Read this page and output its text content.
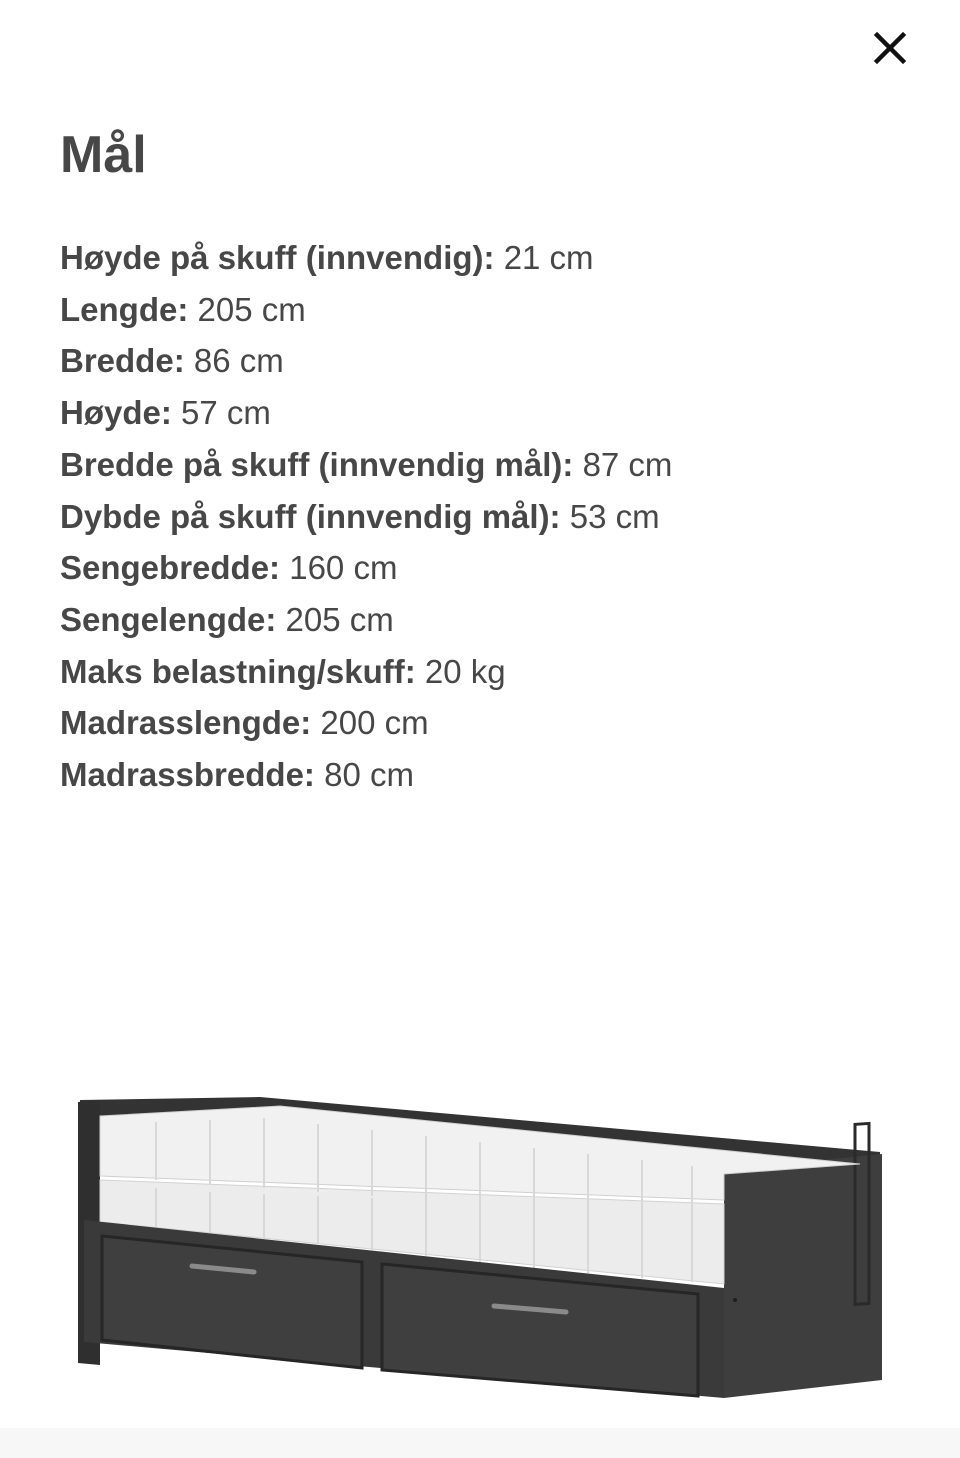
Mål
Høyde på skuff (innvendig): 21 cm
Lengde: 205 cm
Bredde: 86 cm
Høyde: 57 cm
Bredde på skuff (innvendig mål): 87 cm
Dybde på skuff (innvendig mål): 53 cm
Sengebredde: 160 cm
Sengelengde: 205 cm
Maks belastning/skuff: 20 kg
Madrasslengde: 200 cm
Madrassbredde: 80 cm
